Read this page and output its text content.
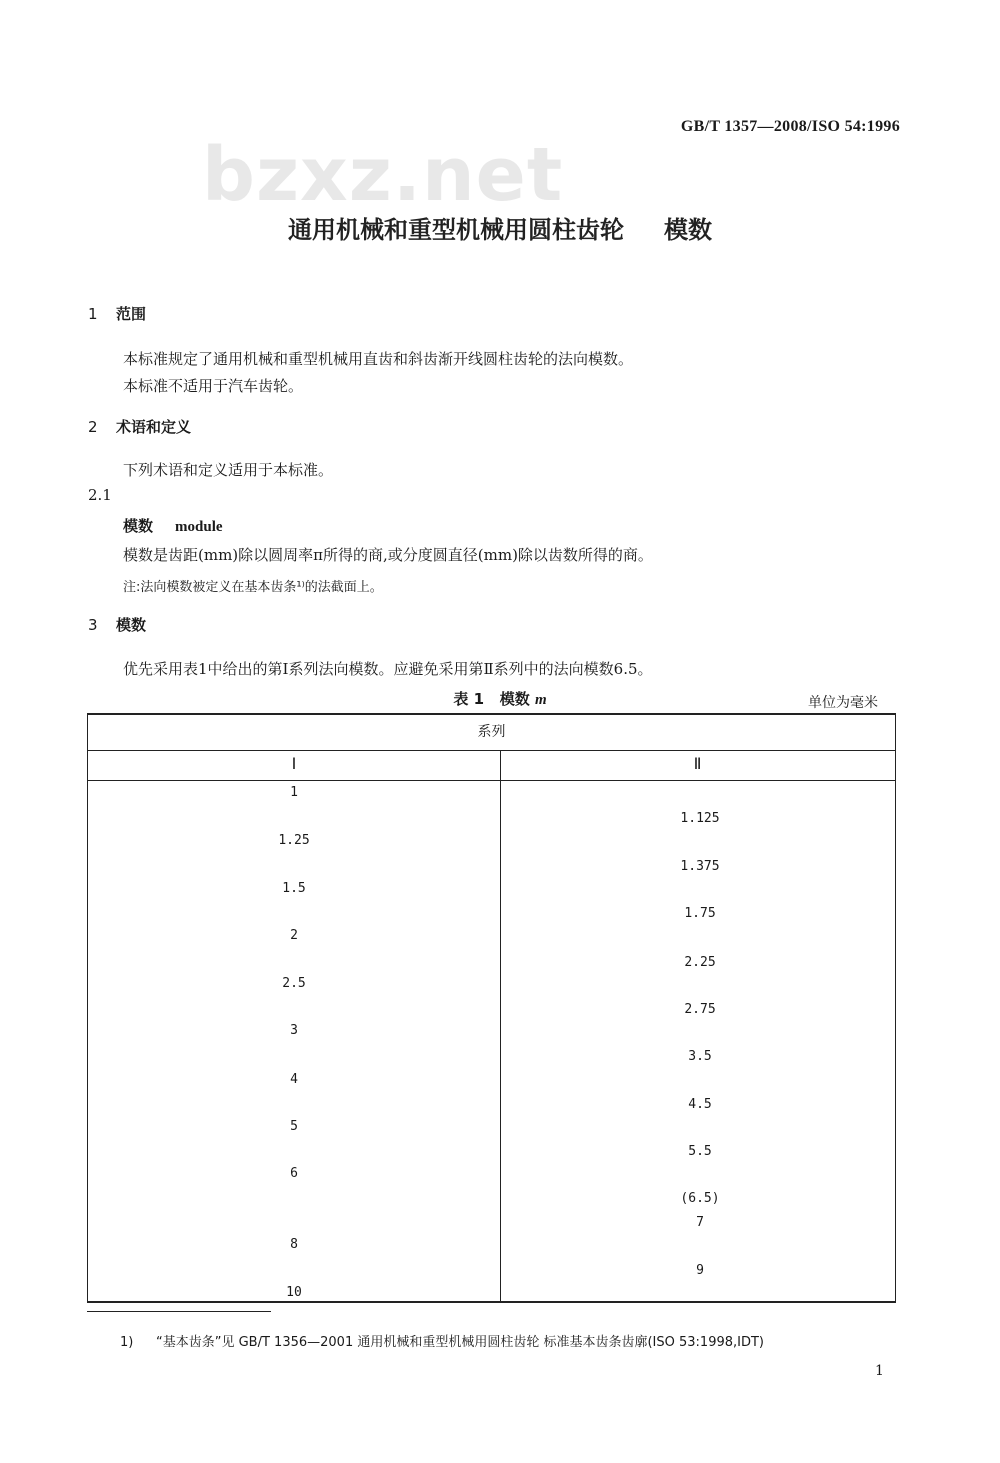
GB/T 1357—2008/ISO 54:1996
bzxz.net
通用机械和重型机械用圆柱齿轮 模数
1 范围
本标准规定了通用机械和重型机械用直齿和斜齿渐开线圆柱齿轮的法向模数。
本标准不适用于汽车齿轮。
2 术语和定义
下列术语和定义适用于本标准。
2.1
模数 module
模数是齿距(mm)除以圆周率π所得的商,或分度圆直径(mm)除以齿数所得的商。
注:法向模数被定义在基本齿条¹⁾的法截面上。
3 模数
优先采用表1中给出的第Ⅰ系列法向模数。应避免采用第Ⅱ系列中的法向模数6.5。
表 1 模数 m	单位为毫米
系列
Ⅰ	Ⅱ
1
1.25
1.5
2
2.5
3
4
5
6
8
10
1.125
1.375
1.75
2.25
2.75
3.5
4.5
5.5
(6.5)
7
9
1) “基本齿条”见 GB/T 1356—2001 通用机械和重型机械用圆柱齿轮 标准基本齿条齿廓(ISO 53:1998,IDT)
1
